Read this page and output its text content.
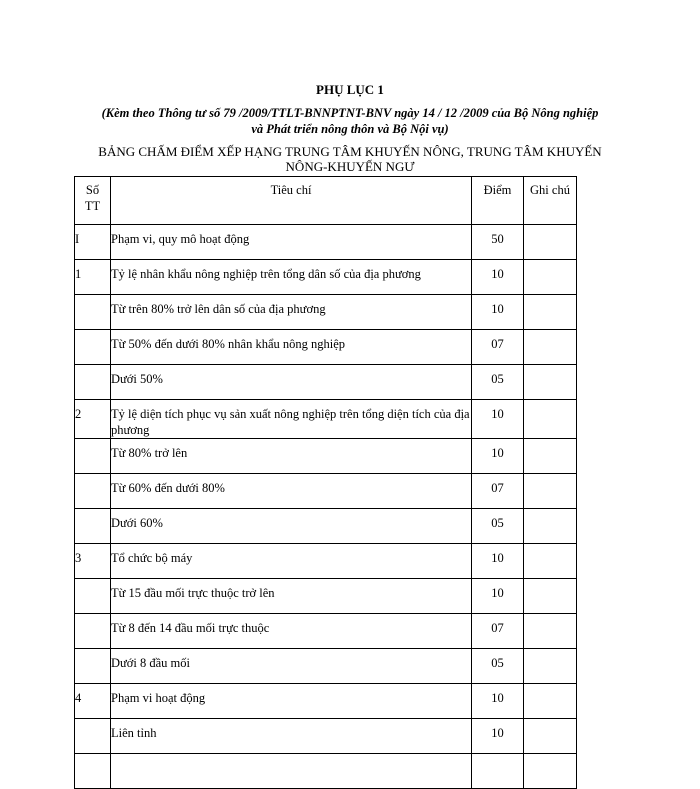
PHỤ LỤC 1

(Kèm theo Thông tư số 79 /2009/TTLT-BNNPTNT-BNV ngày 14 / 12 /2009 của Bộ Nông nghiệp
và Phát triển nông thôn và Bộ Nội vụ)

BẢNG CHẤM ĐIỂM XẾP HẠNG TRUNG TÂM KHUYẾN NÔNG, TRUNG TÂM KHUYẾN
NÔNG-KHUYẾN NGƯ

Số
TT	Tiêu chí	Điểm	Ghi chú
I	Phạm vi, quy mô hoạt động	50	
1	Tỷ lệ nhân khẩu nông nghiệp trên tổng dân số của địa phương	10	
	Từ trên 80% trở lên dân số của địa phương	10	
	Từ 50% đến dưới 80% nhân khẩu nông nghiệp	07	
	Dưới 50%	05	
2	Tỷ lệ diện tích phục vụ sản xuất nông nghiệp trên tổng diện tích của địa phương	10	
	Từ 80% trở lên	10	
	Từ 60% đến dưới 80%	07	
	Dưới 60%	05	
3	Tổ chức bộ máy	10	
	Từ 15 đầu mối trực thuộc trở lên	10	
	Từ 8 đến 14 đầu mối trực thuộc	07	
	Dưới 8 đầu mối	05	
4	Phạm vi hoạt động	10	
	Liên tỉnh	10	
